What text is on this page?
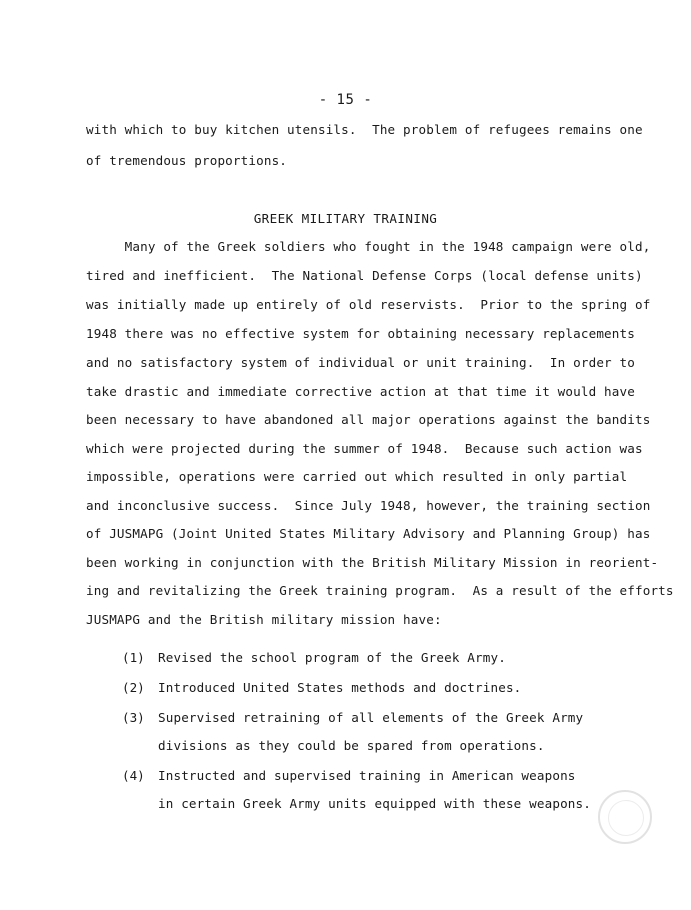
- 15 -
with which to buy kitchen utensils.  The problem of refugees remains one
of tremendous proportions.
GREEK MILITARY TRAINING
Many of the Greek soldiers who fought in the 1948 campaign were old,
tired and inefficient.  The National Defense Corps (local defense units)
was initially made up entirely of old reservists.  Prior to the spring of
1948 there was no effective system for obtaining necessary replacements
and no satisfactory system of individual or unit training.  In order to
take drastic and immediate corrective action at that time it would have
been necessary to have abandoned all major operations against the bandits
which were projected during the summer of 1948.  Because such action was
impossible, operations were carried out which resulted in only partial
and inconclusive success.  Since July 1948, however, the training section
of JUSMAPG (Joint United States Military Advisory and Planning Group) has
been working in conjunction with the British Military Mission in reorient-
ing and revitalizing the Greek training program.  As a result of the efforts
JUSMAPG and the British military mission have:
(1) Revised the school program of the Greek Army.
(2) Introduced United States methods and doctrines.
(3) Supervised retraining of all elements of the Greek Army
divisions as they could be spared from operations.
(4) Instructed and supervised training in American weapons
in certain Greek Army units equipped with these weapons.
